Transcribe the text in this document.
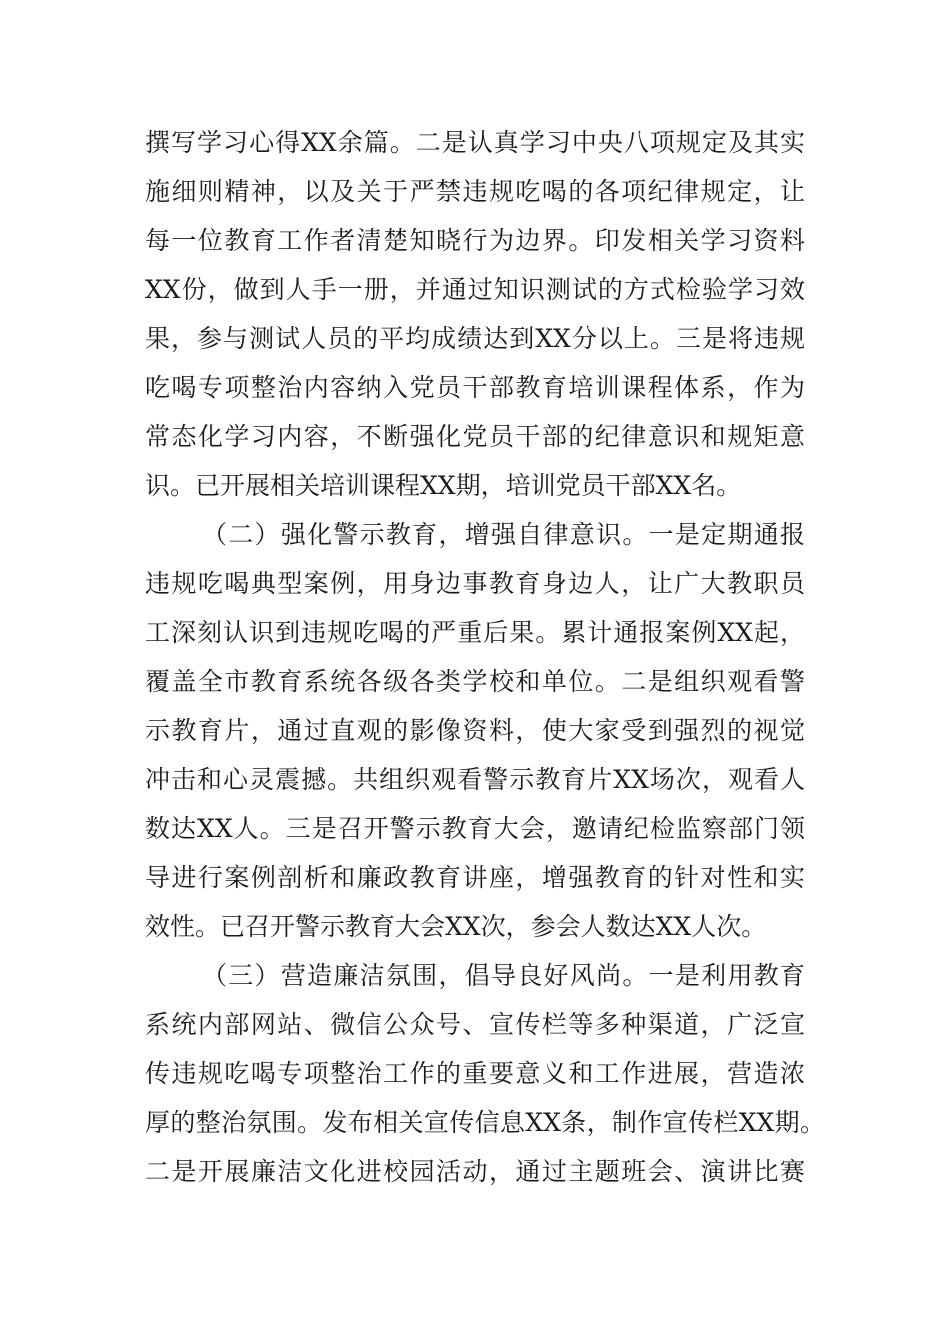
撰写学习心得XX余篇。二是认真学习中央八项规定及其实
施细则精神，以及关于严禁违规吃喝的各项纪律规定，让
每一位教育工作者清楚知晓行为边界。印发相关学习资料
XX份，做到人手一册，并通过知识测试的方式检验学习效
果，参与测试人员的平均成绩达到XX分以上。三是将违规
吃喝专项整治内容纳入党员干部教育培训课程体系，作为
常态化学习内容，不断强化党员干部的纪律意识和规矩意
识。已开展相关培训课程XX期，培训党员干部XX名。
（二）强化警示教育，增强自律意识。一是定期通报
违规吃喝典型案例，用身边事教育身边人，让广大教职员
工深刻认识到违规吃喝的严重后果。累计通报案例XX起，
覆盖全市教育系统各级各类学校和单位。二是组织观看警
示教育片，通过直观的影像资料，使大家受到强烈的视觉
冲击和心灵震撼。共组织观看警示教育片XX场次，观看人
数达XX人。三是召开警示教育大会，邀请纪检监察部门领
导进行案例剖析和廉政教育讲座，增强教育的针对性和实
效性。已召开警示教育大会XX次，参会人数达XX人次。
（三）营造廉洁氛围，倡导良好风尚。一是利用教育
系统内部网站、微信公众号、宣传栏等多种渠道，广泛宣
传违规吃喝专项整治工作的重要意义和工作进展，营造浓
厚的整治氛围。发布相关宣传信息XX条，制作宣传栏XX期。
二是开展廉洁文化进校园活动，通过主题班会、演讲比赛
